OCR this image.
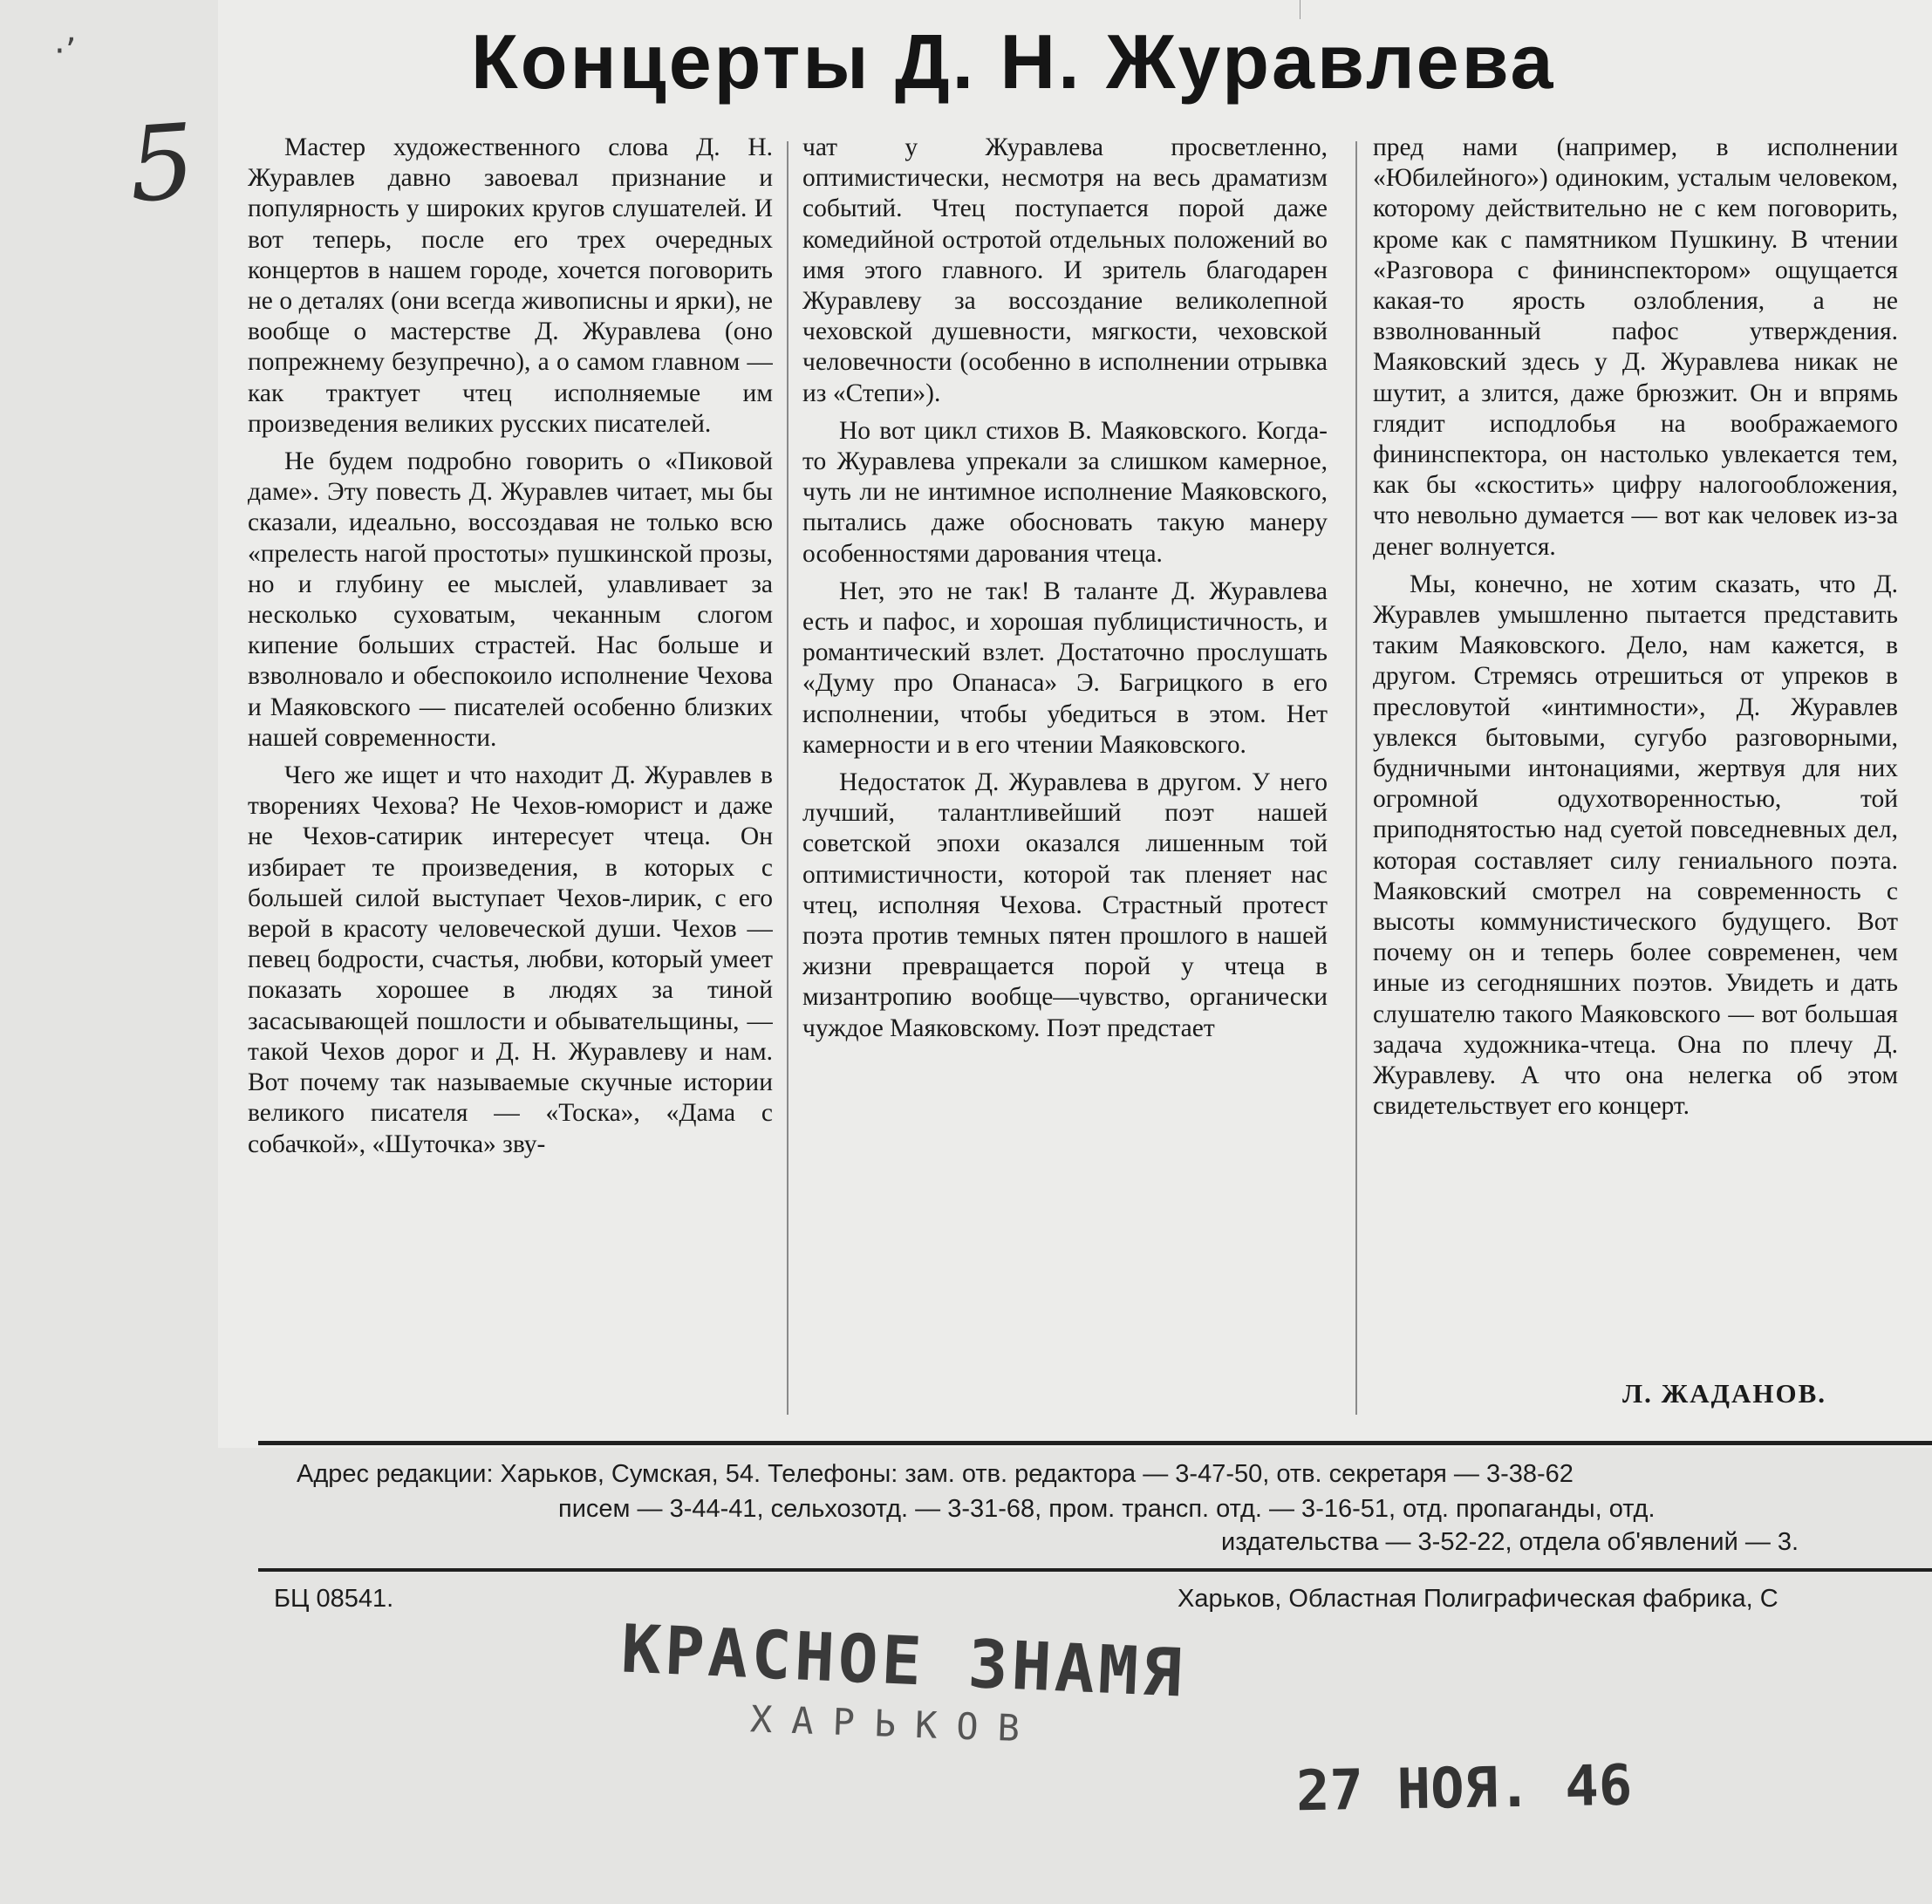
·ʼ
5
Концерты Д. Н. Журавлева

Мастер художественного слова Д. Н. Журавлев давно завоевал признание и популярность у широких кругов слушателей. И вот теперь, после его трех очередных концертов в нашем городе, хочется поговорить не о деталях (они всегда живописны и ярки), не вообще о мастерстве Д. Журавлева (оно попрежнему безупречно), а о самом главном — как трактует чтец исполняемые им произведения великих русских писателей.

Не будем подробно говорить о «Пиковой даме». Эту повесть Д. Журавлев читает, мы бы сказали, идеально, воссоздавая не только всю «прелесть нагой простоты» пушкинской прозы, но и глубину ее мыслей, улавливает за несколько суховатым, чеканным слогом кипение больших страстей. Нас больше и взволновало и обеспокоило исполнение Чехова и Маяковского — писателей особенно близких нашей современности.

Чего же ищет и что находит Д. Журавлев в творениях Чехова? Не Чехов-юморист и даже не Чехов-сатирик интересует чтеца. Он избирает те произведения, в которых с большей силой выступает Чехов-лирик, с его верой в красоту человеческой души. Чехов — певец бодрости, счастья, любви, который умеет показать хорошее в людях за тиной засасывающей пошлости и обывательщины, — такой Чехов дорог и Д. Н. Журавлеву и нам. Вот почему так называемые скучные истории великого писателя — «Тоска», «Дама с собачкой», «Шуточка» зву-

чат у Журавлева просветленно, оптимистически, несмотря на весь драматизм событий. Чтец поступается порой даже комедийной остротой отдельных положений во имя этого главного. И зритель благодарен Журавлеву за воссоздание великолепной чеховской душевности, мягкости, чеховской человечности (особенно в исполнении отрывка из «Степи»).

Но вот цикл стихов В. Маяковского. Когда-то Журавлева упрекали за слишком камерное, чуть ли не интимное исполнение Маяковского, пытались даже обосновать такую манеру особенностями дарования чтеца.

Нет, это не так! В таланте Д. Журавлева есть и пафос, и хорошая публицистичность, и романтический взлет. Достаточно прослушать «Думу про Опанаса» Э. Багрицкого в его исполнении, чтобы убедиться в этом. Нет камерности и в его чтении Маяковского.

Недостаток Д. Журавлева в другом. У него лучший, талантливейший поэт нашей советской эпохи оказался лишенным той оптимистичности, которой так пленяет нас чтец, исполняя Чехова. Страстный протест поэта против темных пятен прошлого в нашей жизни превращается порой у чтеца в мизантропию вообще—чувство, органически чуждое Маяковскому. Поэт предстает

пред нами (например, в исполнении «Юбилейного») одиноким, усталым человеком, которому действительно не с кем поговорить, кроме как с памятником Пушкину. В чтении «Разговора с фининспектором» ощущается какая-то ярость озлобления, а не взволнованный пафос утверждения. Маяковский здесь у Д. Журавлева никак не шутит, а злится, даже брюзжит. Он и впрямь глядит исподлобья на воображаемого фининспектора, он настолько увлекается тем, как бы «скостить» цифру налогообложения, что невольно думается — вот как человек из-за денег волнуется.

Мы, конечно, не хотим сказать, что Д. Журавлев умышленно пытается представить таким Маяковского. Дело, нам кажется, в другом. Стремясь отрешиться от упреков в пресловутой «интимности», Д. Журавлев увлекся бытовыми, сугубо разговорными, будничными интонациями, жертвуя для них огромной одухотворенностью, той приподнятостью над суетой повседневных дел, которая составляет силу гениального поэта. Маяковский смотрел на современность с высоты коммунистического будущего. Вот почему он и теперь более современен, чем иные из сегодняшних поэтов. Увидеть и дать слушателю такого Маяковского — вот большая задача художника-чтеца. Она по плечу Д. Журавлеву. А что она нелегка об этом свидетельствует его концерт.

Л. ЖАДАНОВ.
Адрес редакции: Харьков, Сумская, 54. Телефоны: зам. отв. редактора — 3-47-50, отв. секретаря — 3-38-62
писем — 3-44-41, сельхозотд. — 3-31-68, пром. трансп. отд. — 3-16-51, отд. пропаганды, отд.
издательства — 3-52-22, отдела об'явлений — 3.
БЦ 08541.	Харьков, Областная Полиграфическая фабрика, С
КРАСНОЕ ЗНАМЯ
ХАРЬКОВ
27 НОЯ. 46
